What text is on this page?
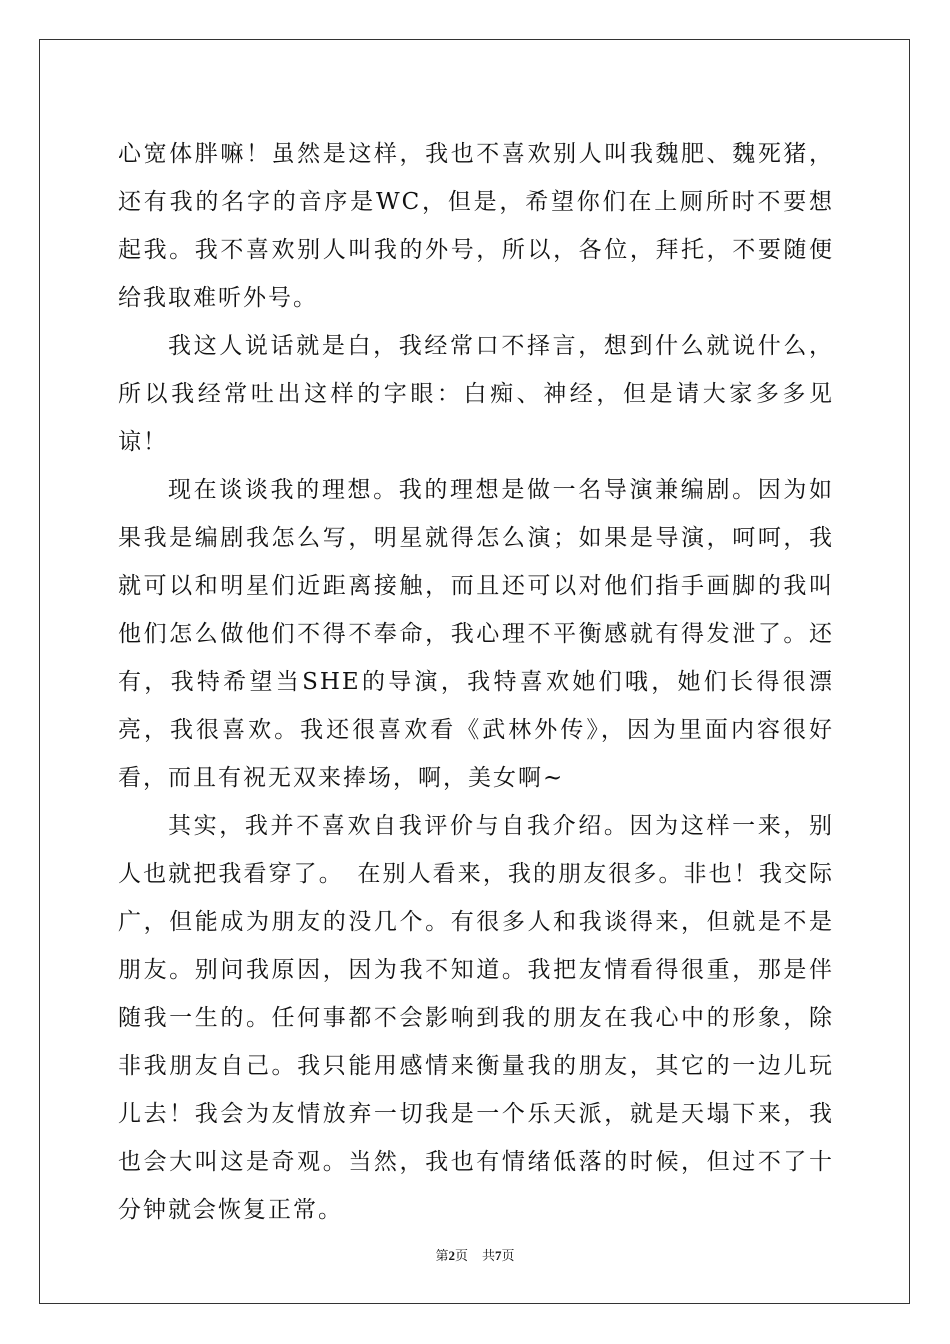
心宽体胖嘛！虽然是这样，我也不喜欢别人叫我魏肥、魏死猪，还有我的名字的音序是WC，但是，希望你们在上厕所时不要想起我。我不喜欢别人叫我的外号，所以，各位，拜托，不要随便给我取难听外号。

我这人说话就是白，我经常口不择言，想到什么就说什么，所以我经常吐出这样的字眼：白痴、神经，但是请大家多多见谅！

现在谈谈我的理想。我的理想是做一名导演兼编剧。因为如果我是编剧我怎么写，明星就得怎么演；如果是导演，呵呵，我就可以和明星们近距离接触，而且还可以对他们指手画脚的我叫他们怎么做他们不得不奉命，我心理不平衡感就有得发泄了。还有，我特希望当SHE的导演，我特喜欢她们哦，她们长得很漂亮，我很喜欢。我还很喜欢看《武林外传》，因为里面内容很好看，而且有祝无双来捧场，啊，美女啊~

其实，我并不喜欢自我评价与自我介绍。因为这样一来，别人也就把我看穿了。　在别人看来，我的朋友很多。非也！我交际广，但能成为朋友的没几个。有很多人和我谈得来，但就是不是朋友。别问我原因，因为我不知道。我把友情看得很重，那是伴随我一生的。任何事都不会影响到我的朋友在我心中的形象，除非我朋友自己。我只能用感情来衡量我的朋友，其它的一边儿玩儿去！我会为友情放弃一切我是一个乐天派，就是天塌下来，我也会大叫这是奇观。当然，我也有情绪低落的时候，但过不了十分钟就会恢复正常。

第2页 共7页
